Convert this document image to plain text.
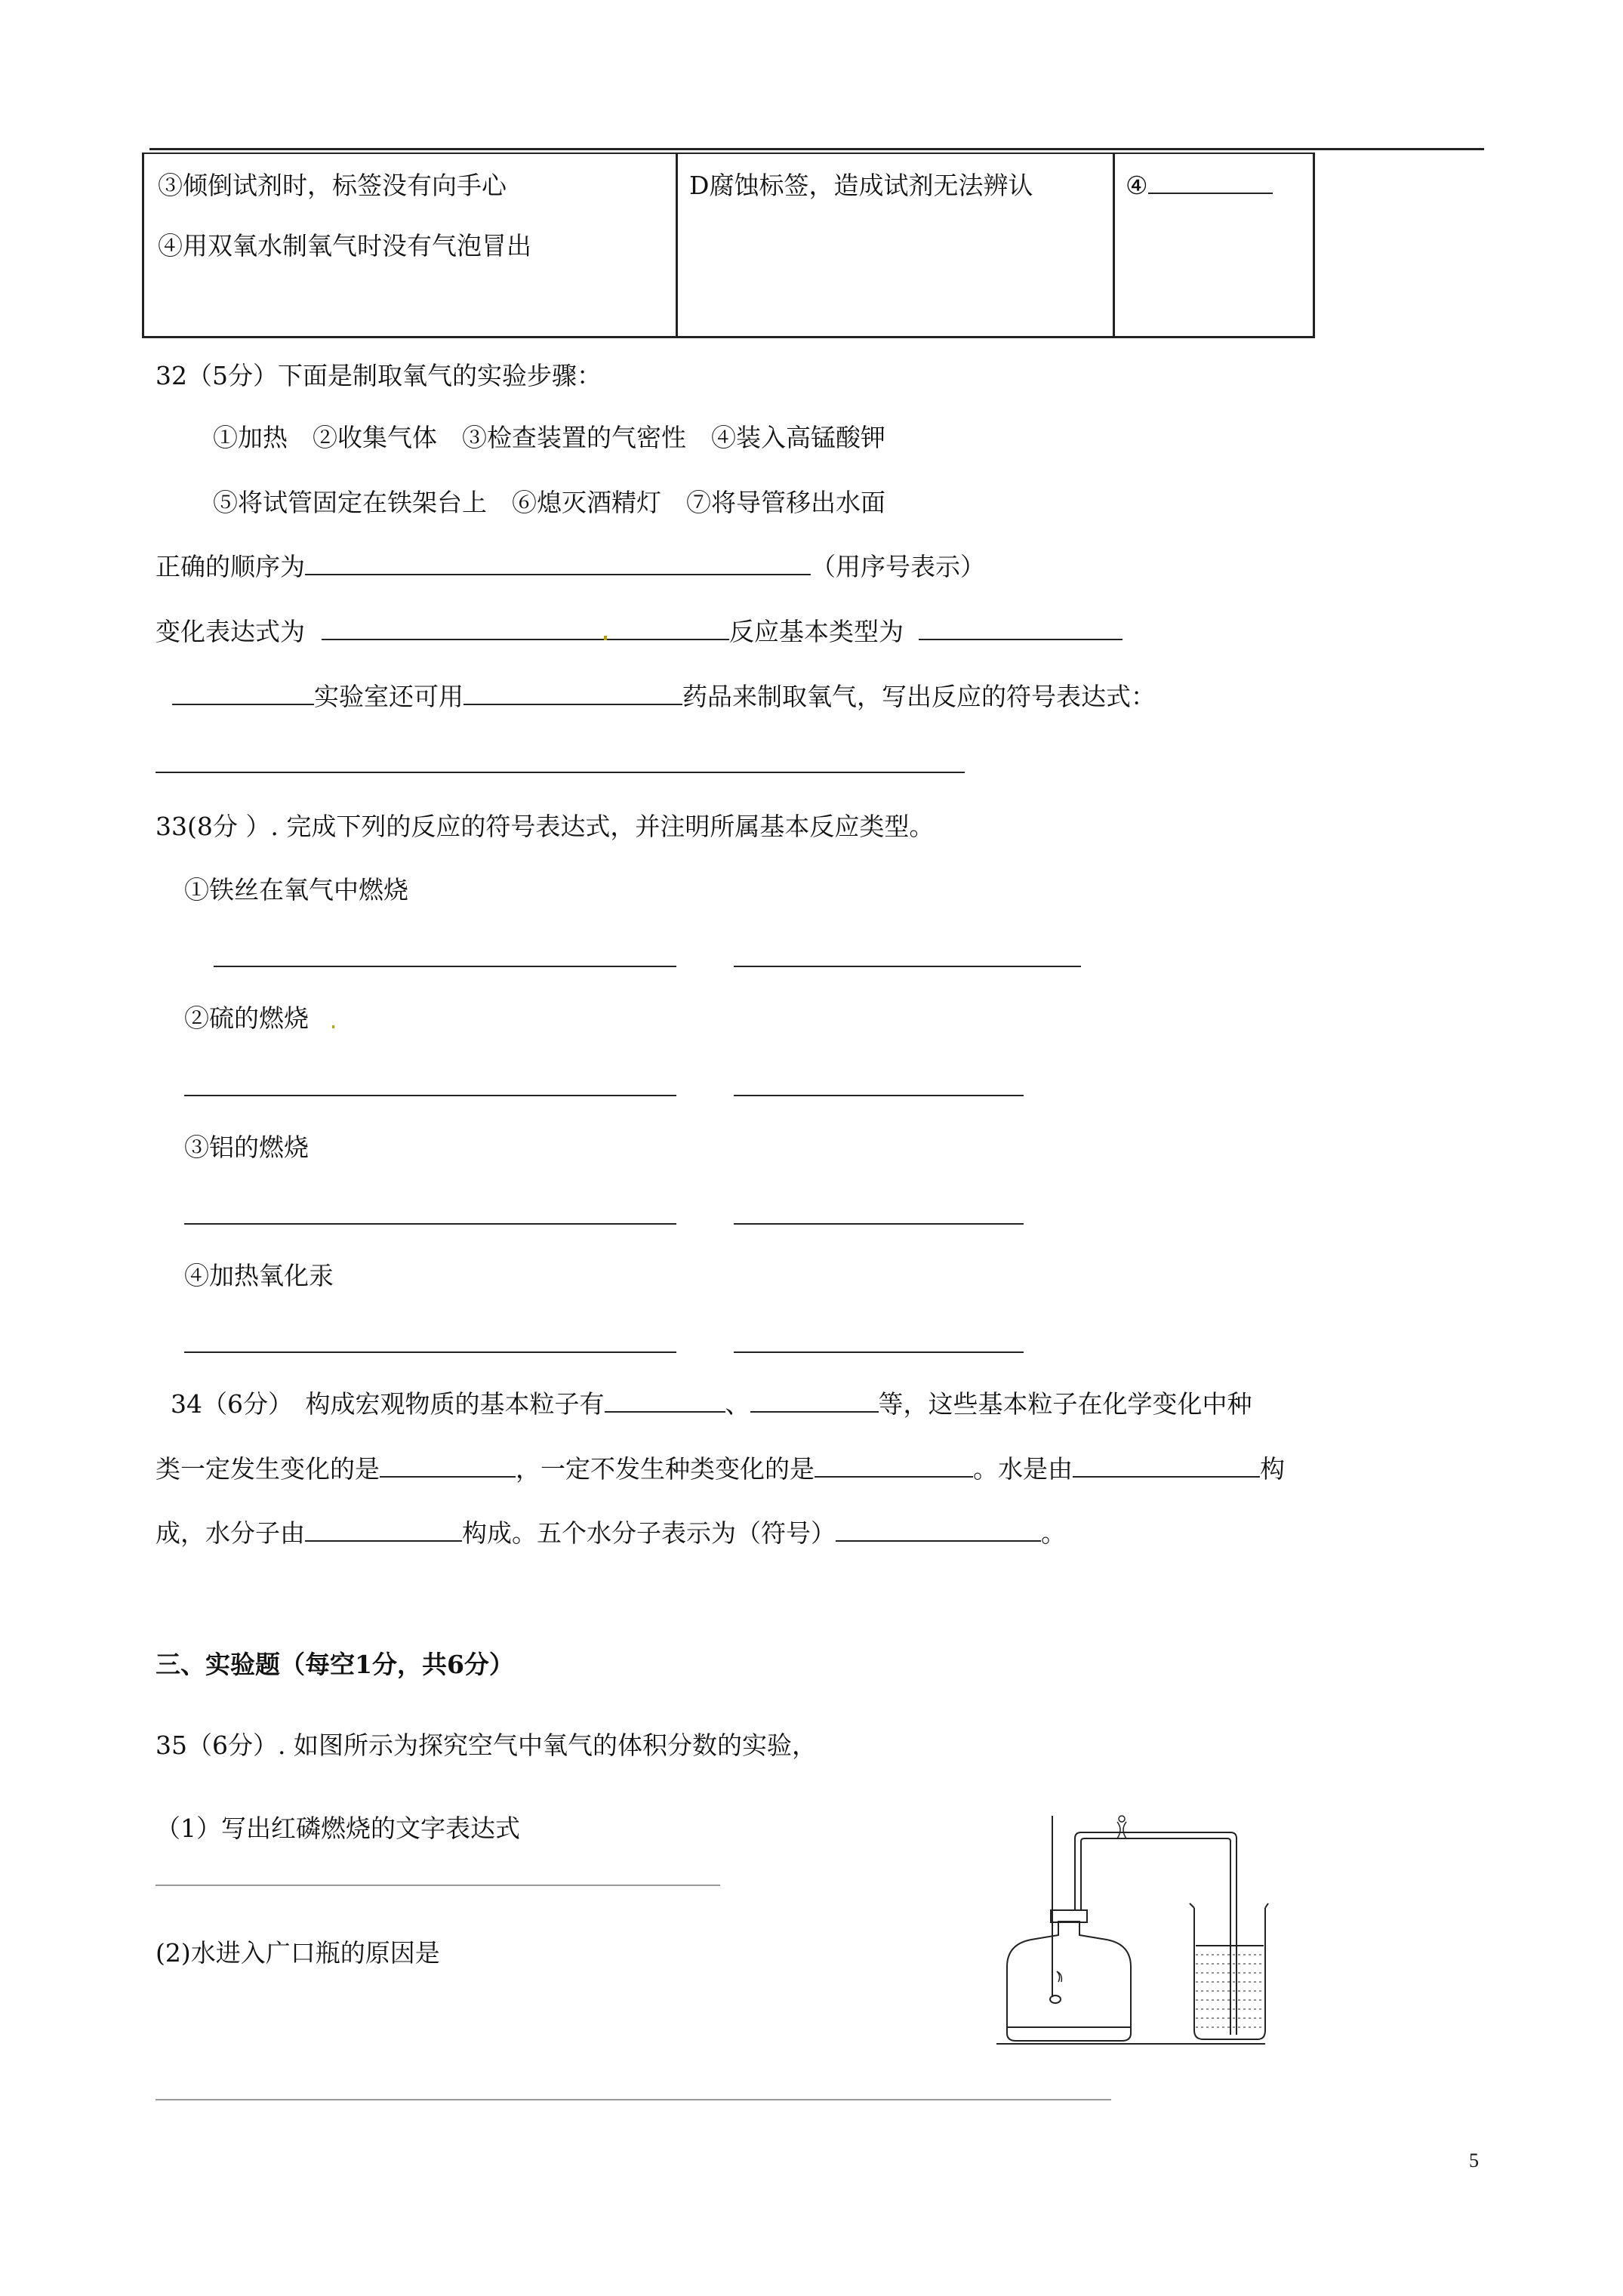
③倾倒试剂时，标签没有向手心
④用双氧水制氧气时没有气泡冒出
D腐蚀标签，造成试剂无法辨认	④
32（5分）下面是制取氧气的实验步骤：
①加热　②收集气体　③检查装置的气密性　④装入高锰酸钾
⑤将试管固定在铁架台上　⑥熄灭酒精灯　⑦将导管移出水面
正确的顺序为	（用序号表示）
变化表达式为	反应基本类型为
实验室还可用	药品来制取氧气，写出反应的符号表达式：
33(8分 ）. 完成下列的反应的符号表达式，并注明所属基本反应类型。
①铁丝在氧气中燃烧
②硫的燃烧
③铝的燃烧
④加热氧化汞
34（6分）　构成宏观物质的基本粒子有	、	等，这些基本粒子在化学变化中种
类一定发生变化的是	，一定不发生种类变化的是	。水是由	构
成，水分子由	构成。五个水分子表示为（符号）	。
三、实验题（每空1分，共6分）
35（6分）. 如图所示为探究空气中氧气的体积分数的实验，
（1）写出红磷燃烧的文字表达式
(2)水进入广口瓶的原因是
5
